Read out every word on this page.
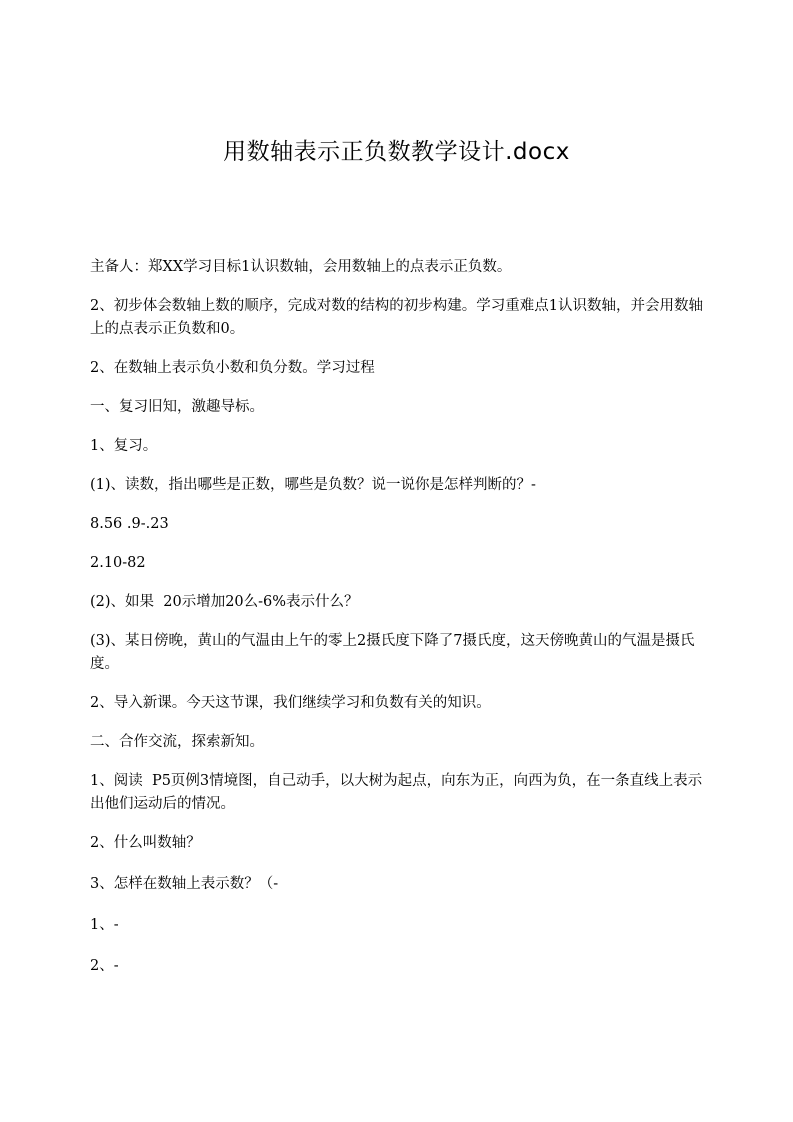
用数轴表示正负数教学设计.docx

主备人：郑XX学习目标1认识数轴，会用数轴上的点表示正负数。

2、初步体会数轴上数的顺序，完成对数的结构的初步构建。学习重难点1认识数轴，并会用数轴上的点表示正负数和0。

2、在数轴上表示负小数和负分数。学习过程

一、复习旧知，激趣导标。

1、复习。

(1)、读数，指出哪些是正数，哪些是负数？说一说你是怎样判断的？-

8.56 .9-.23

2.10-82

(2)、如果  20示增加20么-6%表示什么？

(3)、某日傍晚，黄山的气温由上午的零上2摄氏度下降了7摄氏度，这天傍晚黄山的气温是摄氏度。

2、导入新课。今天这节课，我们继续学习和负数有关的知识。

二、合作交流，探索新知。

1、阅读  P5页例3情境图，自己动手，以大树为起点，向东为正，向西为负，在一条直线上表示出他们运动后的情况。

2、什么叫数轴？

3、怎样在数轴上表示数？（-

1、-

2、-
